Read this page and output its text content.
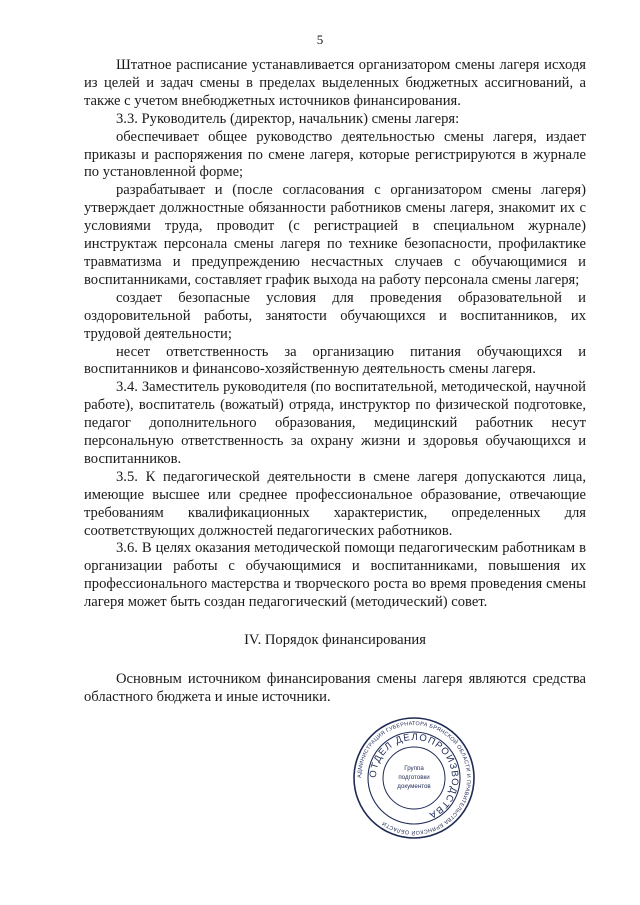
5

Штатное расписание устанавливается организатором смены лагеря исходя из целей и задач смены в пределах выделенных бюджетных ассигнований, а также с учетом внебюджетных источников финансирования.

3.3. Руководитель (директор, начальник) смены лагеря:

обеспечивает общее руководство деятельностью смены лагеря, издает приказы и распоряжения по смене лагеря, которые регистрируются в журнале по установленной форме;

разрабатывает и (после согласования с организатором смены лагеря) утверждает должностные обязанности работников смены лагеря, знакомит их с условиями труда, проводит (с регистрацией в специальном журнале) инструктаж персонала смены лагеря по технике безопасности, профилактике травматизма и предупреждению несчастных случаев с обучающимися и воспитанниками, составляет график выхода на работу персонала смены лагеря;

создает безопасные условия для проведения образовательной и оздоровительной работы, занятости обучающихся и воспитанников, их трудовой деятельности;

несет ответственность за организацию питания обучающихся и воспитанников и финансово-хозяйственную деятельность смены лагеря.

3.4. Заместитель руководителя (по воспитательной, методической, научной работе), воспитатель (вожатый) отряда, инструктор по физической подготовке, педагог дополнительного образования, медицинский работник несут персональную ответственность за охрану жизни и здоровья обучающихся и воспитанников.

3.5. К педагогической деятельности в смене лагеря допускаются лица, имеющие высшее или среднее профессиональное образование, отвечающие требованиям квалификационных характеристик, определенных для соответствующих должностей педагогических работников.

3.6. В целях оказания методической помощи педагогическим работникам в организации работы с обучающимися и воспитанниками, повышения их профессионального мастерства и творческого роста во время проведения смены лагеря может быть создан педагогический (методический) совет.

IV. Порядок финансирования

Основным источником финансирования смены лагеря являются средства областного бюджета и иные источники.

АДМИНИСТРАЦИЯ ГУБЕРНАТОРА БРЯНСКОЙ ОБЛАСТИ И ПРАВИТЕЛЬСТВА БРЯНСКОЙ ОБЛАСТИ
ОТДЕЛ ДЕЛОПРОИЗВОДСТВА
Группа
подготовки
документов
